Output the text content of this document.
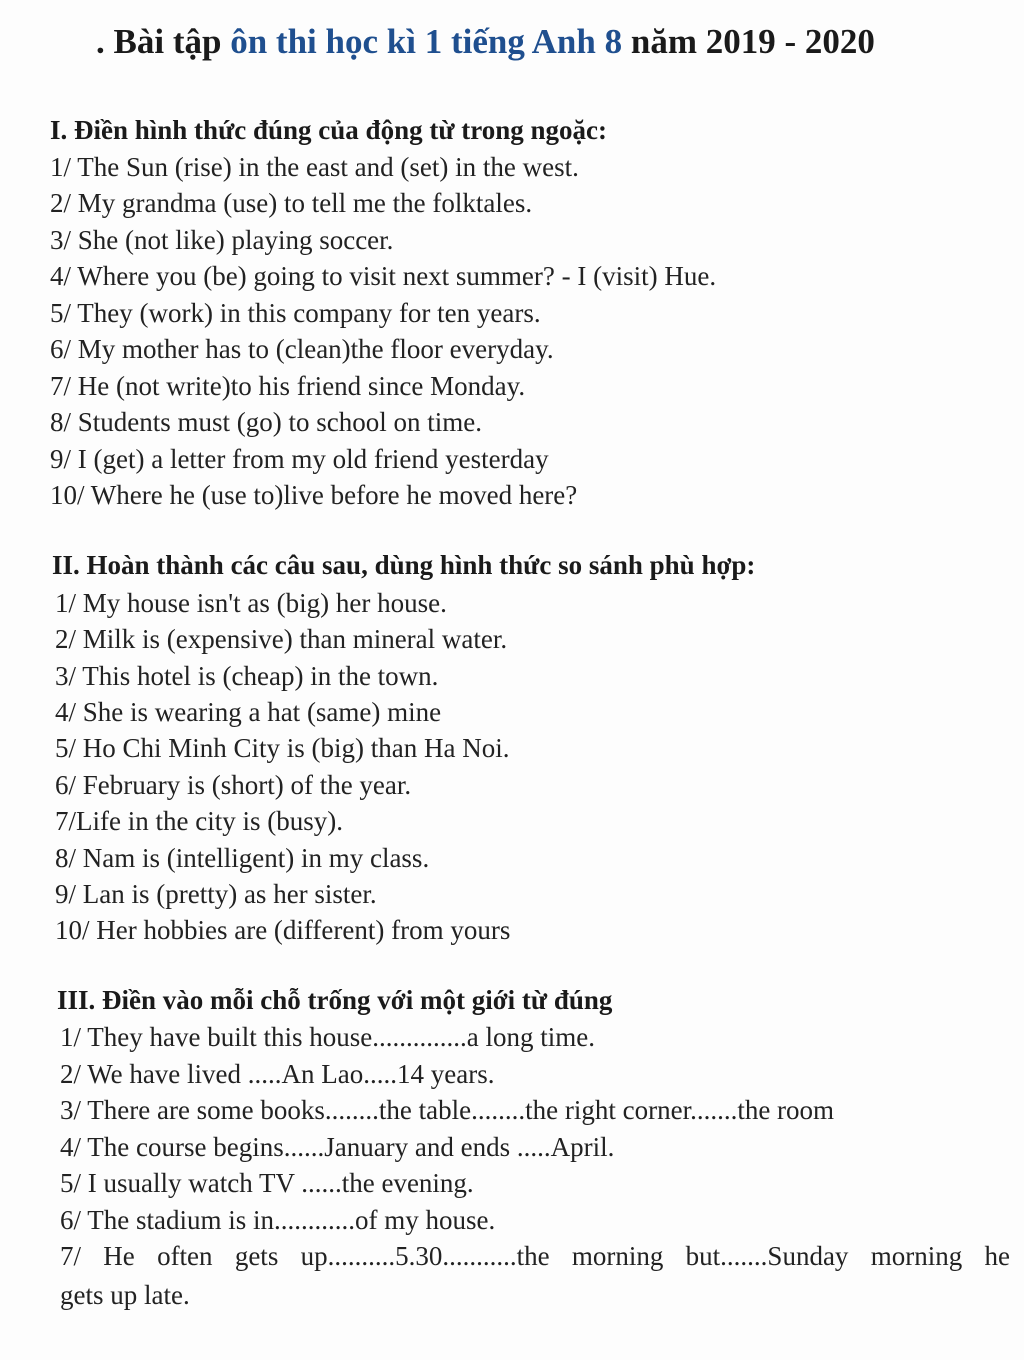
. Bài tập ôn thi học kì 1 tiếng Anh 8 năm 2019 - 2020
I. Điền hình thức đúng của động từ trong ngoặc:
1/ The Sun (rise) in the east and (set) in the west.
2/ My grandma (use) to tell me the folktales.
3/ She (not like) playing soccer.
4/ Where you (be) going to visit next summer? - I (visit) Hue.
5/ They (work) in this company for ten years.
6/ My mother has to (clean)the floor everyday.
7/ He (not write)to his friend since Monday.
8/ Students must (go) to school on time.
9/ I (get) a letter from my old friend yesterday
10/ Where he (use to)live before he moved here?
II. Hoàn thành các câu sau, dùng hình thức so sánh phù hợp:
1/ My house isn't as (big) her house.
2/ Milk is (expensive) than mineral water.
3/ This hotel is (cheap) in the town.
4/ She is wearing a hat (same) mine
5/ Ho Chi Minh City is (big) than Ha Noi.
6/ February is (short) of the year.
7/Life in the city is (busy).
8/ Nam is (intelligent) in my class.
9/ Lan is (pretty) as her sister.
10/ Her hobbies are (different) from yours
III. Điền vào mỗi chỗ trống với một giới từ đúng
1/ They have built this house..............a long time.
2/ We have lived .....An Lao.....14 years.
3/ There are some books........the table........the right corner.......the room
4/ The course begins......January and ends .....April.
5/ I usually watch TV ......the evening.
6/ The stadium is in............of my house.
7/ He often gets up..........5.30...........the morning but.......Sunday morning he
gets up late.
